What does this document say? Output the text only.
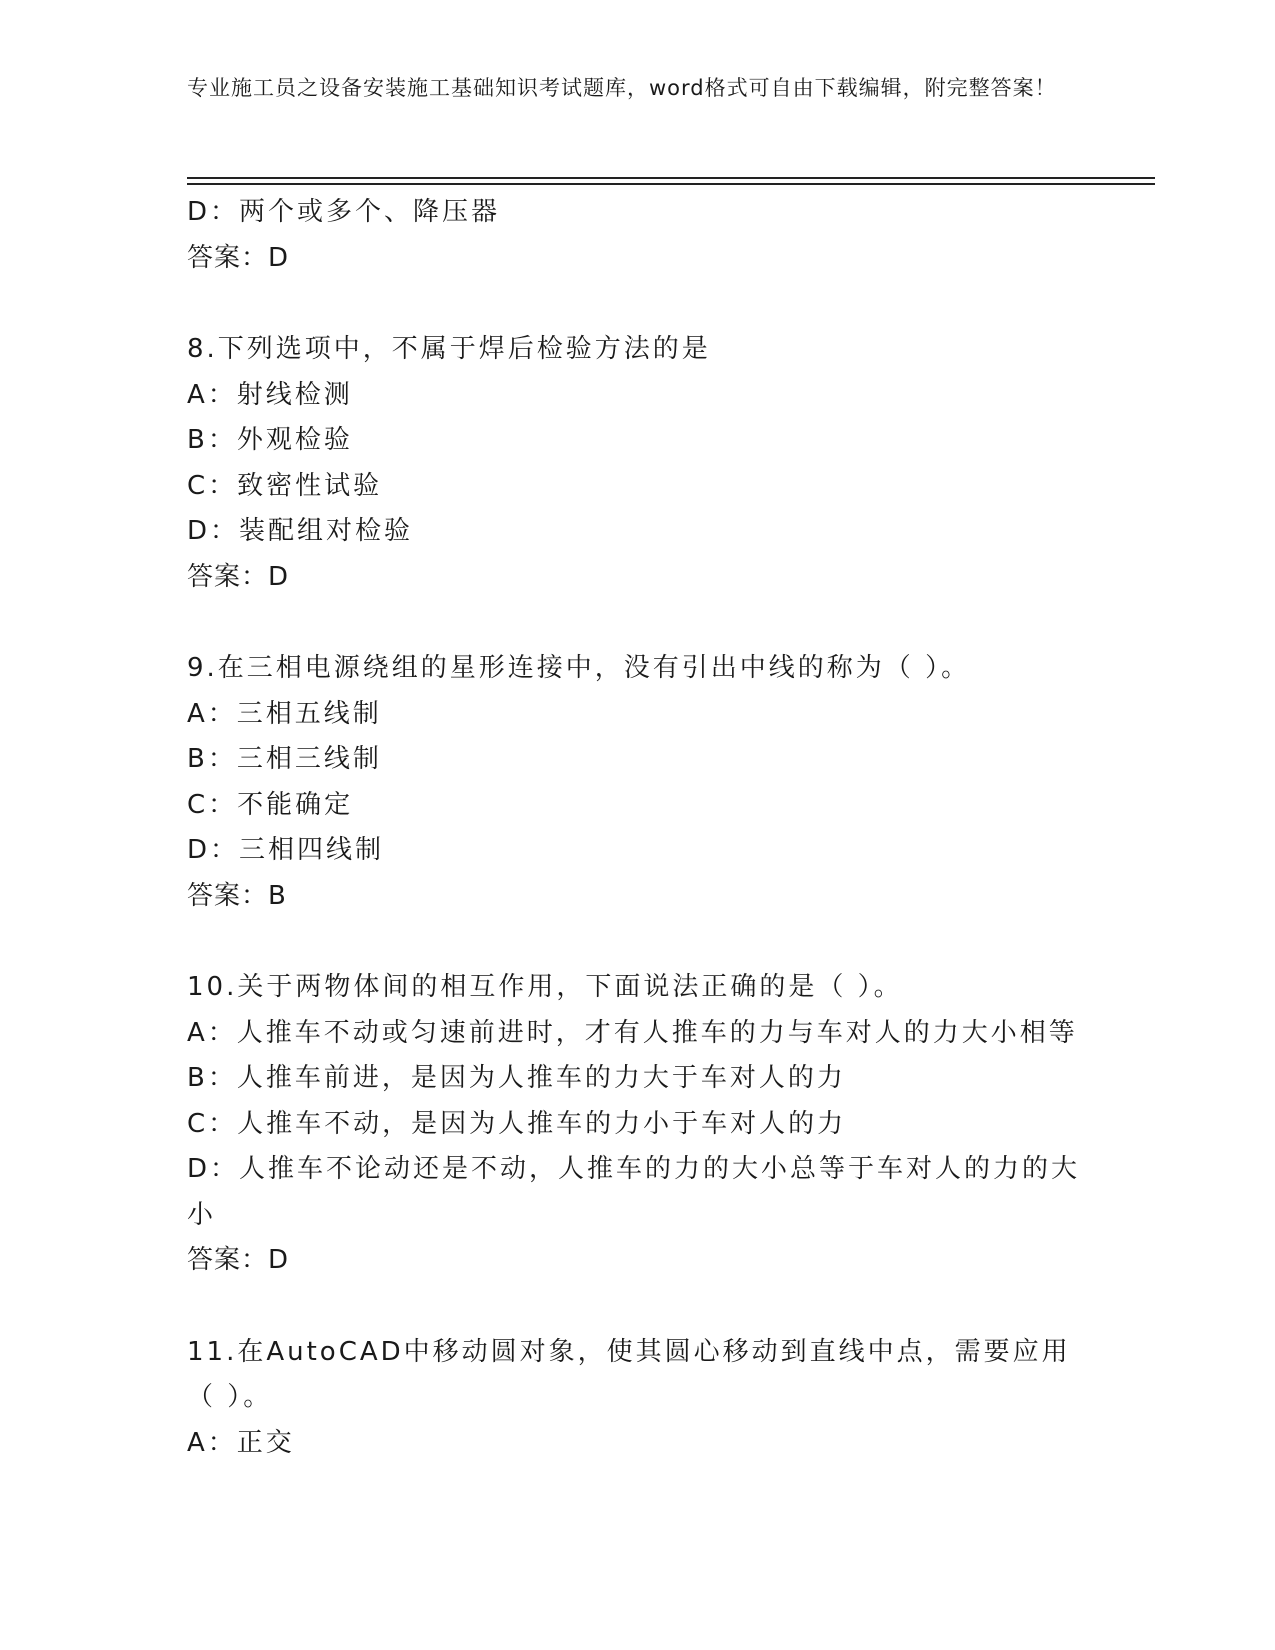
专业施工员之设备安装施工基础知识考试题库，word格式可自由下载编辑，附完整答案！
D：两个或多个、降压器
答案：D
8.下列选项中，不属于焊后检验方法的是
A：射线检测
B：外观检验
C：致密性试验
D：装配组对检验
答案：D
9.在三相电源绕组的星形连接中，没有引出中线的称为（ ）。
A：三相五线制
B：三相三线制
C：不能确定
D：三相四线制
答案：B
10.关于两物体间的相互作用，下面说法正确的是（ ）。
A：人推车不动或匀速前进时，才有人推车的力与车对人的力大小相等
B：人推车前进，是因为人推车的力大于车对人的力
C：人推车不动，是因为人推车的力小于车对人的力
D：人推车不论动还是不动，人推车的力的大小总等于车对人的力的大小
答案：D
11.在AutoCAD中移动圆对象，使其圆心移动到直线中点，需要应用（ ）。
A：正交
